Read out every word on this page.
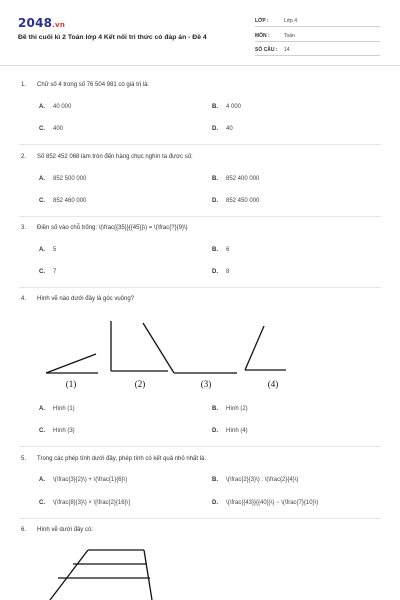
2048.vn
Đề thi cuối kì 2 Toán lớp 4 Kết nối tri thức có đáp án - Đề 4
LỚP :	Lớp 4
MÔN :	Toán
SỐ CÂU : 14
1. Chữ số 4 trong số 76 504 981 có giá trị là:
A. 40 000	B. 4 000
C. 400	D. 40
2. Số 852 452 068 làm tròn đến hàng chục nghìn ta được số:
A. 852 500 000	B. 852 400 000
C. 852 460 000	D. 852 450 000
3. Điền số vào chỗ trống: \(\frac{{35}}{{45}}\) = \(\frac{?}{9}\)
A. 5	B. 6
C. 7	D. 8
4. Hình vẽ nào dưới đây là góc vuông?
(1)	(2)	(3)	(4)
A. Hình (1)	B. Hình (2)
C. Hình (3)	D. Hình (4)
5. Trong các phép tính dưới đây, phép tính có kết quả nhỏ nhất là:
A. \(\frac{3}{2}\) + \(\frac{1}{6}\)	B. \(\frac{2}{3}\) : \(\frac{2}{4}\)
C. \(\frac{8}{3}\) × \[\frac{2}{16}\]	D. \(\frac{{43}}{{40}}\) − \(\frac{7}{10}\)
6. Hình vẽ dưới đây có:
